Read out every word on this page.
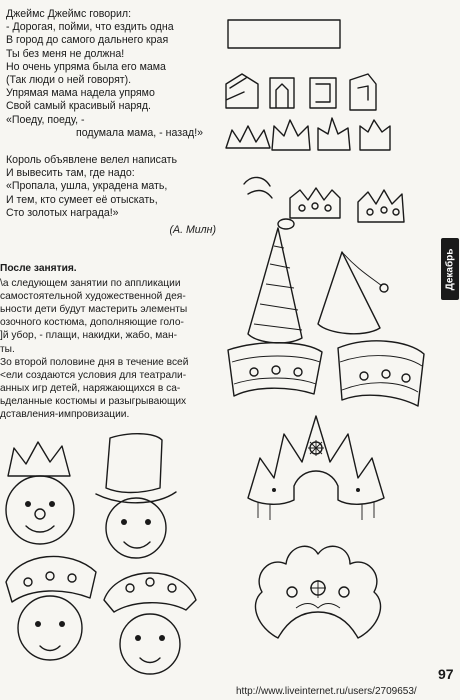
Джеймс Джеймс говорил:
- Дорогая, пойми, что ездить одна
В город до самого дальнего края
Ты без меня не должна!
Но очень упряма была его мама
(Так люди о ней говорят).
Упрямая мама надела упрямо
Свой самый красивый наряд.
«Поеду, поеду, -
подумала мама, - назад!»
Король объявлене велел написать
И вывесить там, где надо:
«Пропала, ушла, украдена мать,
И тем, кто сумеет её отыскать,
Сто золотых награда!»
(А. Милн)
После занятия.
\а следующем занятии по аппликации
самостоятельной художественной дея-
ьности дети будут мастерить элементы
озочного костюма, дополняющие голо-
]й убор, - плащи, накидки, жабо, ман-
ты.
Зо второй половине дня в течение всей
<ели создаются условия для театрали-
анных игр детей, наряжающихся в са-
ьделанные костюмы и разыгрывающих
дставления-импровизации.
Декабрь
97
http://www.liveinternet.ru/users/2709653/
